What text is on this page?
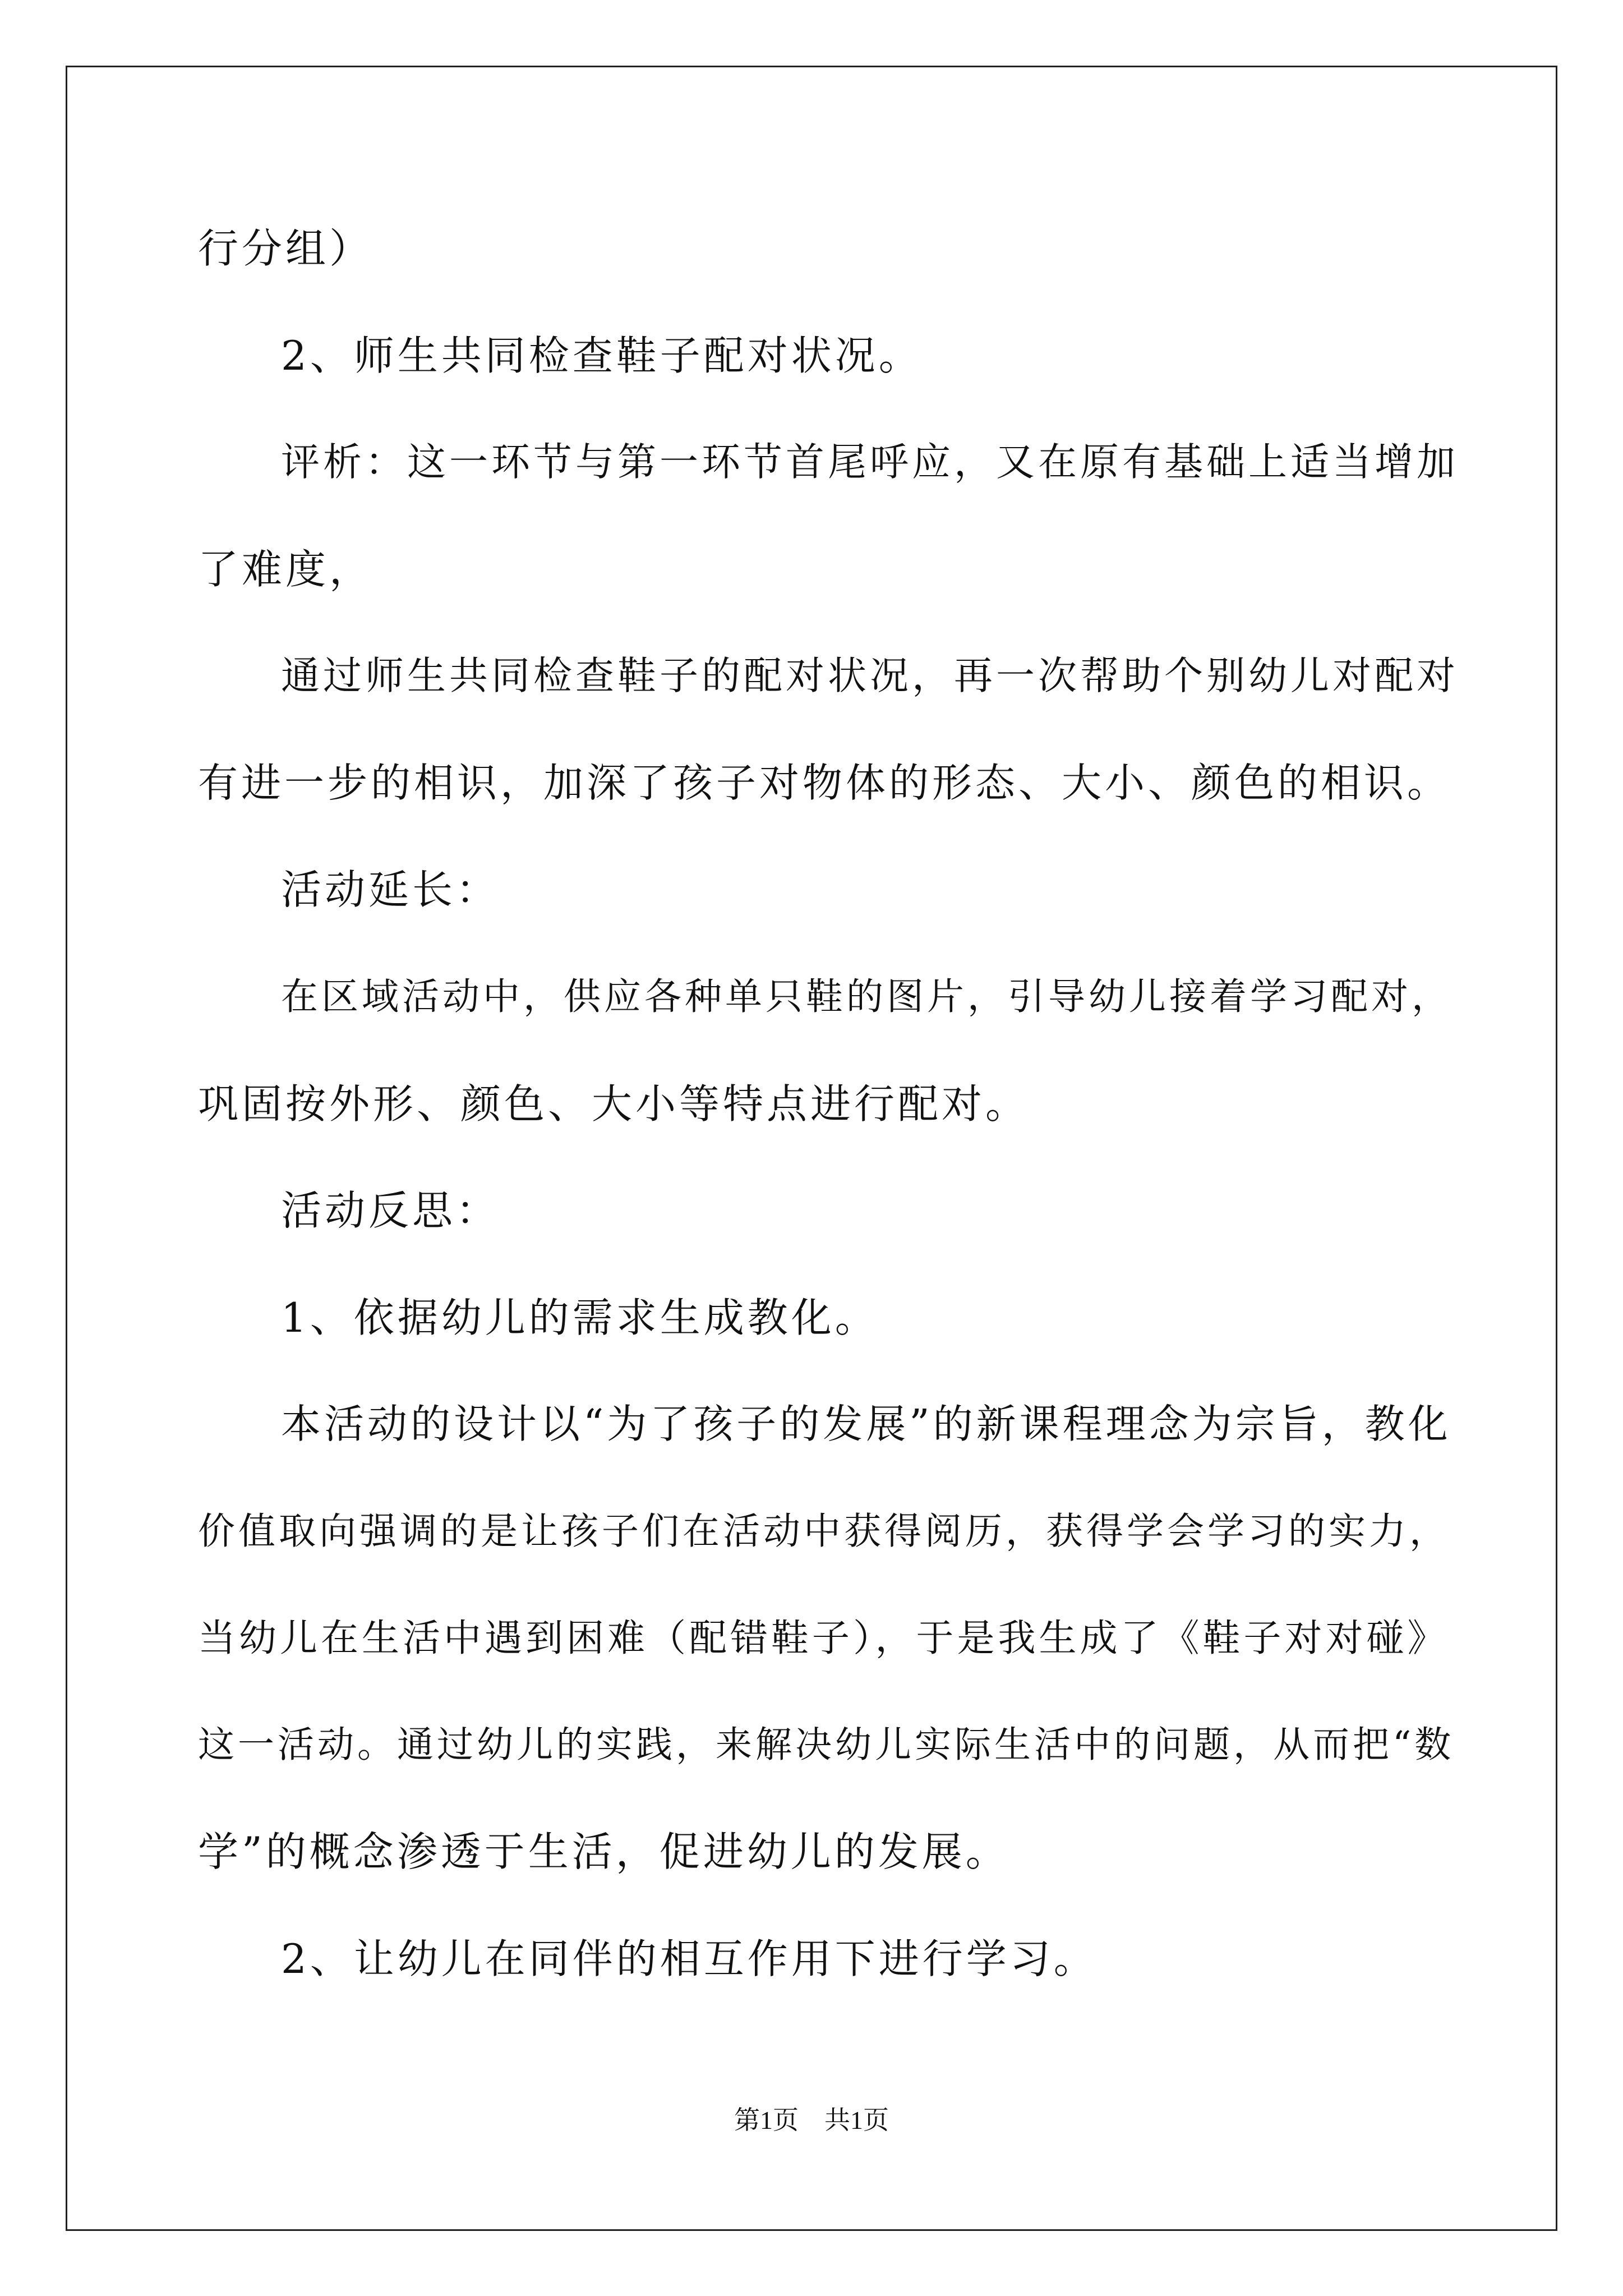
行分组）
2、师生共同检查鞋子配对状况。
评析：这一环节与第一环节首尾呼应，又在原有基础上适当增加
了难度，
通过师生共同检查鞋子的配对状况，再一次帮助个别幼儿对配对
有进一步的相识，加深了孩子对物体的形态、大小、颜色的相识。
活动延长：
在区域活动中，供应各种单只鞋的图片，引导幼儿接着学习配对，
巩固按外形、颜色、大小等特点进行配对。
活动反思：
1、依据幼儿的需求生成教化。
本活动的设计以“为了孩子的发展”的新课程理念为宗旨，教化
价值取向强调的是让孩子们在活动中获得阅历，获得学会学习的实力，
当幼儿在生活中遇到困难（配错鞋子），于是我生成了《鞋子对对碰》
这一活动。通过幼儿的实践，来解决幼儿实际生活中的问题，从而把“数
学”的概念渗透于生活，促进幼儿的发展。
2、让幼儿在同伴的相互作用下进行学习。
第1页　共1页
